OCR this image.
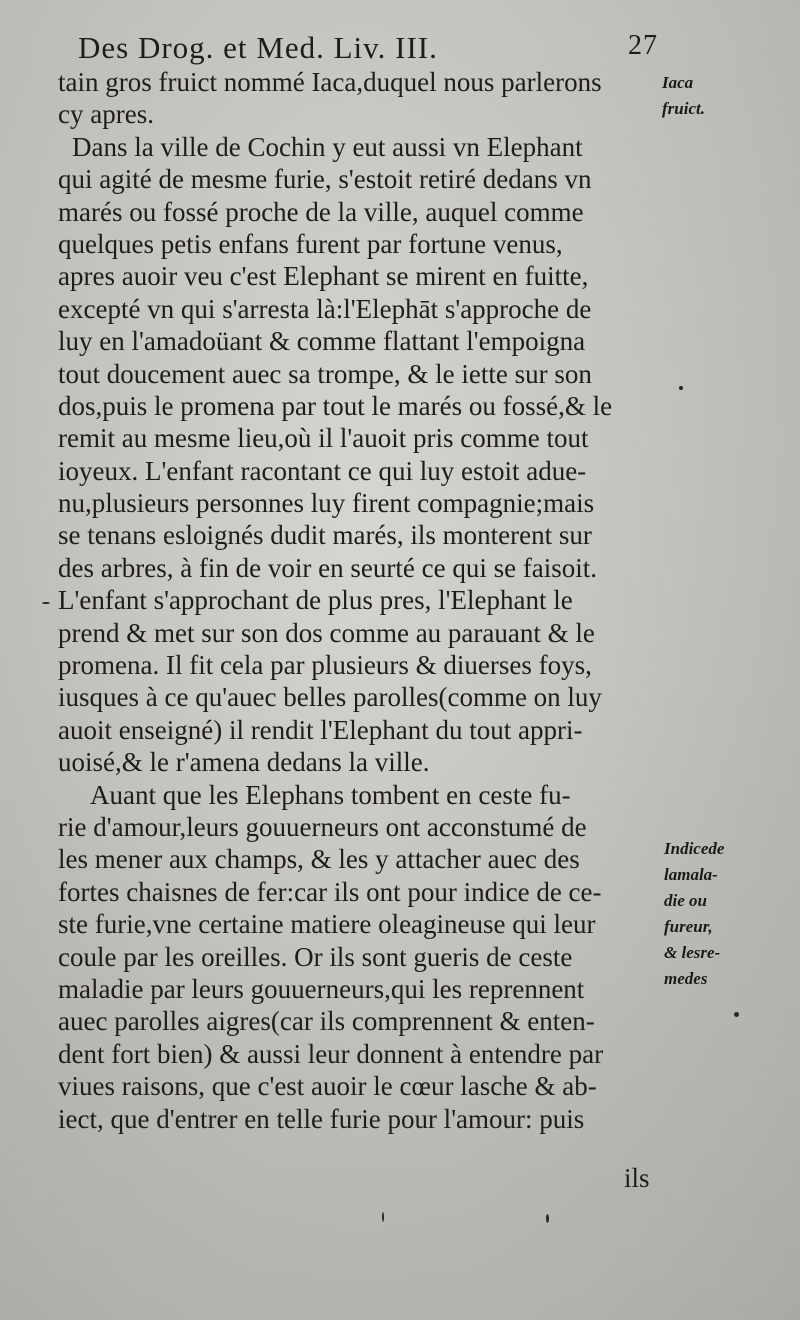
Des Drog. et Med. Liv. III.	27
tain gros fruict nommé Iaca,duquel nous parlerons
cy apres.
Dans la ville de Cochin y eut aussi vn Elephant
qui agité de mesme furie, s'estoit retiré dedans vn
marés ou fossé proche de la ville, auquel comme
quelques petis enfans furent par fortune venus,
apres auoir veu c'est Elephant se mirent en fuitte,
excepté vn qui s'arresta là:l'Elephāt s'approche de
luy en l'amadoüant & comme flattant l'empoigna
tout doucement auec sa trompe, & le iette sur son
dos,puis le promena par tout le marés ou fossé,& le
remit au mesme lieu,où il l'auoit pris comme tout
ioyeux. L'enfant racontant ce qui luy estoit adue-
nu,plusieurs personnes luy firent compagnie;mais
se tenans esloignés dudit marés, ils monterent sur
des arbres, à fin de voir en seurté ce qui se faisoit.
L'enfant s'approchant de plus pres, l'Elephant le
prend & met sur son dos comme au parauant & le
promena. Il fit cela par plusieurs & diuerses foys,
iusques à ce qu'auec belles parolles(comme on luy
auoit enseigné) il rendit l'Elephant du tout appri-
uoisé,& le r'amena dedans la ville.
Auant que les Elephans tombent en ceste fu-
rie d'amour,leurs gouuerneurs ont acconstumé de
les mener aux champs, & les y attacher auec des
fortes chaisnes de fer:car ils ont pour indice de ce-
ste furie,vne certaine matiere oleagineuse qui leur
coule par les oreilles. Or ils sont gueris de ceste
maladie par leurs gouuerneurs,qui les reprennent
auec parolles aigres(car ils comprennent & enten-
dent fort bien) & aussi leur donnent à entendre par
viues raisons, que c'est auoir le cœur lasche & ab-
iect, que d'entrer en telle furie pour l'amour: puis
ils
Iaca
fruict.
Indicede
lamala-
die ou
fureur,
& lesre-
medes
